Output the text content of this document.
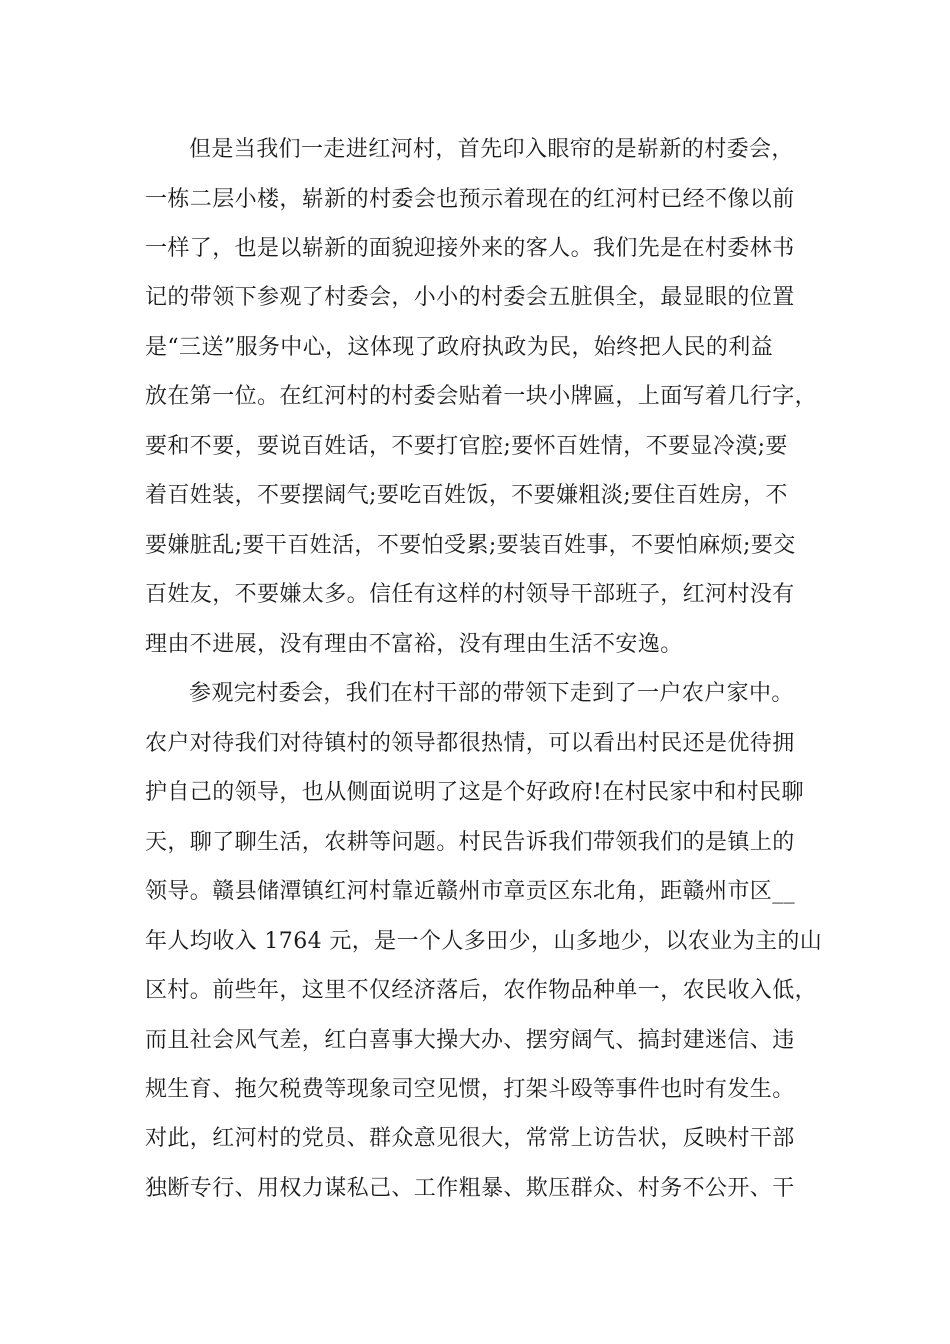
但是当我们一走进红河村，首先印入眼帘的是崭新的村委会，
一栋二层小楼，崭新的村委会也预示着现在的红河村已经不像以前
一样了，也是以崭新的面貌迎接外来的客人。我们先是在村委林书
记的带领下参观了村委会，小小的村委会五脏俱全，最显眼的位置
是“三送”服务中心，这体现了政府执政为民，始终把人民的利益
放在第一位。在红河村的村委会贴着一块小牌匾，上面写着几行字，
要和不要，要说百姓话，不要打官腔;要怀百姓情，不要显冷漠;要
着百姓装，不要摆阔气;要吃百姓饭，不要嫌粗淡;要住百姓房，不
要嫌脏乱;要干百姓活，不要怕受累;要装百姓事，不要怕麻烦;要交
百姓友，不要嫌太多。信任有这样的村领导干部班子，红河村没有
理由不进展，没有理由不富裕，没有理由生活不安逸。
参观完村委会，我们在村干部的带领下走到了一户农户家中。
农户对待我们对待镇村的领导都很热情，可以看出村民还是优待拥
护自己的领导，也从侧面说明了这是个好政府!在村民家中和村民聊
天，聊了聊生活，农耕等问题。村民告诉我们带领我们的是镇上的
领导。赣县储潭镇红河村靠近赣州市章贡区东北角，距赣州市区__
年人均收入 1764 元，是一个人多田少，山多地少，以农业为主的山
区村。前些年，这里不仅经济落后，农作物品种单一，农民收入低，
而且社会风气差，红白喜事大操大办、摆穷阔气、搞封建迷信、违
规生育、拖欠税费等现象司空见惯，打架斗殴等事件也时有发生。
对此，红河村的党员、群众意见很大，常常上访告状，反映村干部
独断专行、用权力谋私己、工作粗暴、欺压群众、村务不公开、干
